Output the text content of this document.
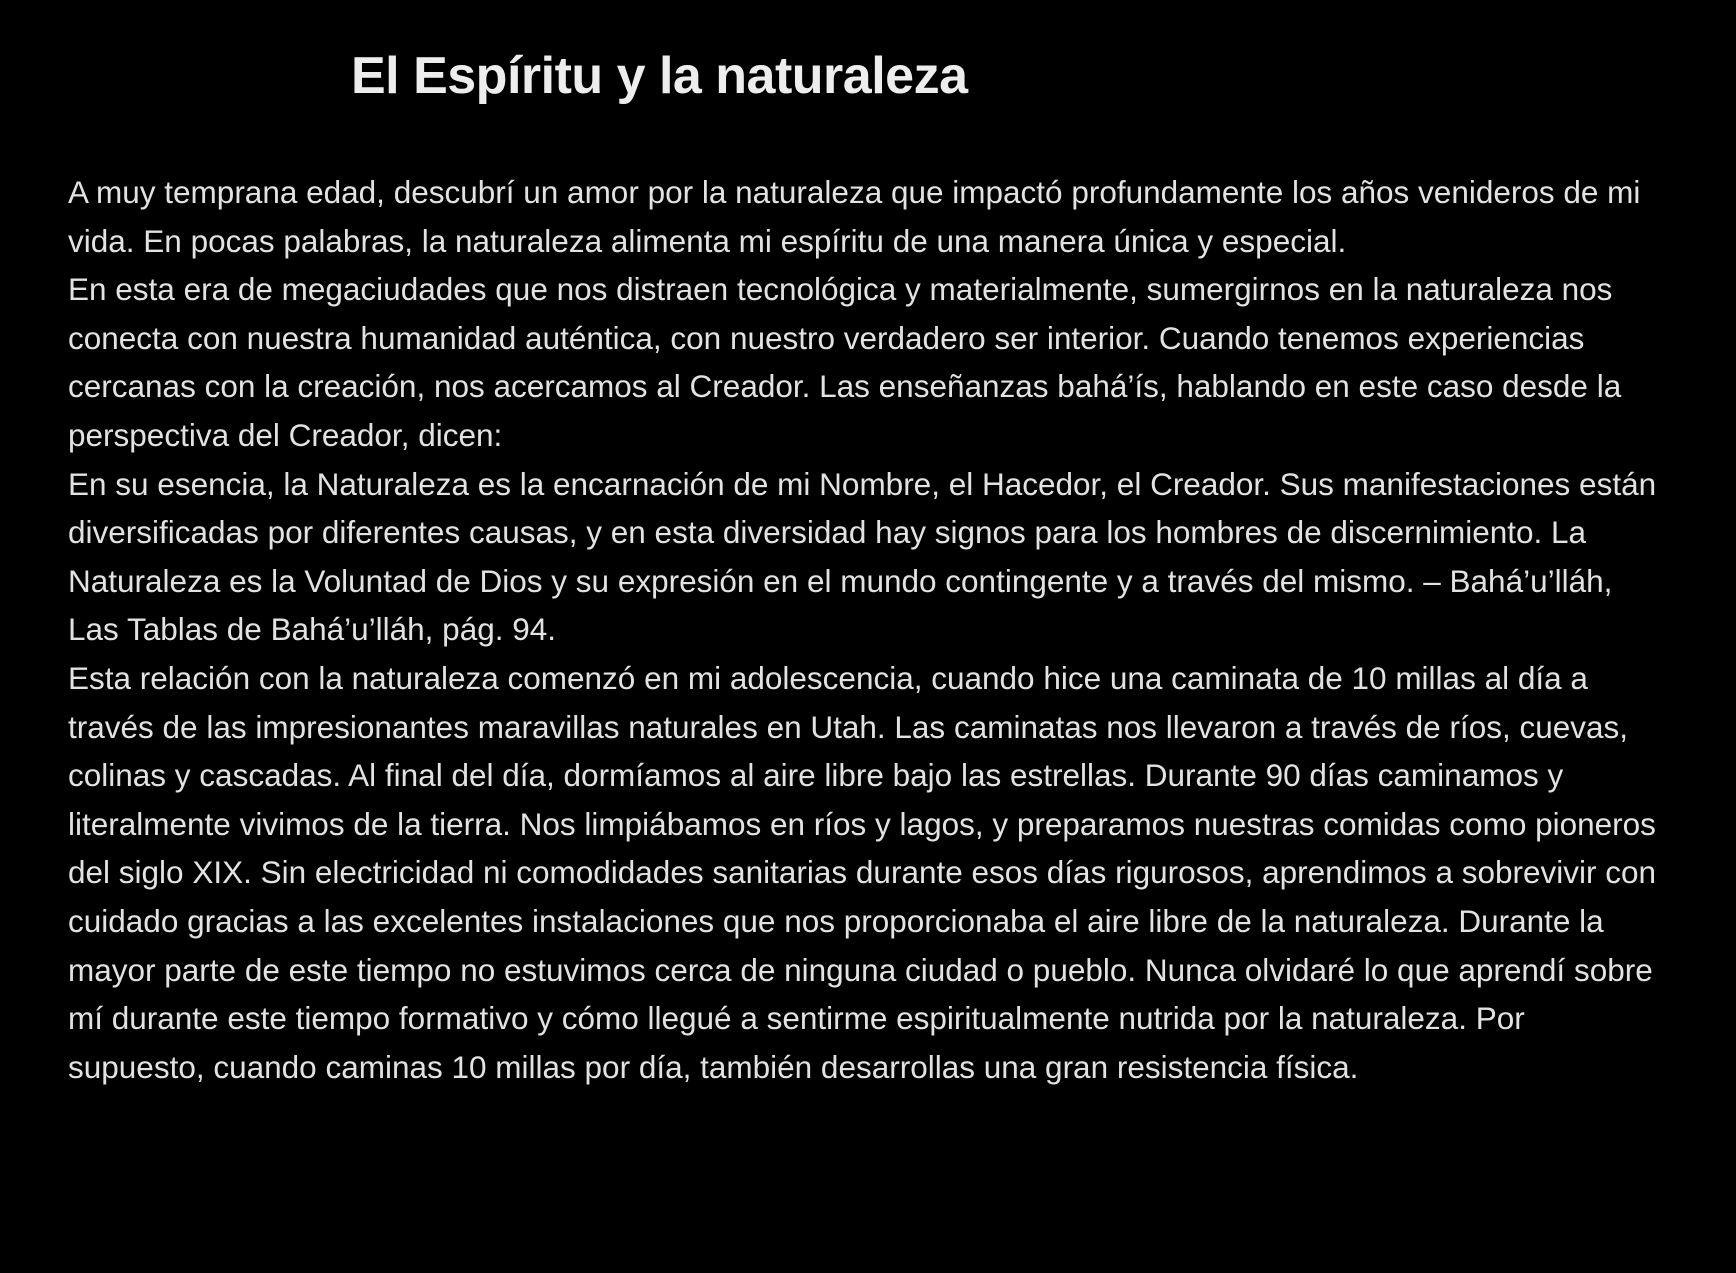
El Espíritu y la naturaleza

A muy temprana edad, descubrí un amor por la naturaleza que impactó profundamente los años venideros de mi vida. En pocas palabras, la naturaleza alimenta mi espíritu de una manera única y especial.

En esta era de megaciudades que nos distraen tecnológica y materialmente, sumergirnos en la naturaleza nos conecta con nuestra humanidad auténtica, con nuestro verdadero ser interior. Cuando tenemos experiencias cercanas con la creación, nos acercamos al Creador. Las enseñanzas bahá’ís, hablando en este caso desde la perspectiva del Creador, dicen:

En su esencia, la Naturaleza es la encarnación de mi Nombre, el Hacedor, el Creador. Sus manifestaciones están diversificadas por diferentes causas, y en esta diversidad hay signos para los hombres de discernimiento. La Naturaleza es la Voluntad de Dios y su expresión en el mundo contingente y a través del mismo. – Bahá’u’lláh, Las Tablas de Bahá’u’lláh, pág. 94.

Esta relación con la naturaleza comenzó en mi adolescencia, cuando hice una caminata de 10 millas al día a través de las impresionantes maravillas naturales en Utah. Las caminatas nos llevaron a través de ríos, cuevas, colinas y cascadas. Al final del día, dormíamos al aire libre bajo las estrellas. Durante 90 días caminamos y literalmente vivimos de la tierra. Nos limpiábamos en ríos y lagos, y preparamos nuestras comidas como pioneros del siglo XIX. Sin electricidad ni comodidades sanitarias durante esos días rigurosos, aprendimos a sobrevivir con cuidado gracias a las excelentes instalaciones que nos proporcionaba el aire libre de la naturaleza. Durante la mayor parte de este tiempo no estuvimos cerca de ninguna ciudad o pueblo. Nunca olvidaré lo que aprendí sobre mí durante este tiempo formativo y cómo llegué a sentirme espiritualmente nutrida por la naturaleza. Por supuesto, cuando caminas 10 millas por día, también desarrollas una gran resistencia física.
